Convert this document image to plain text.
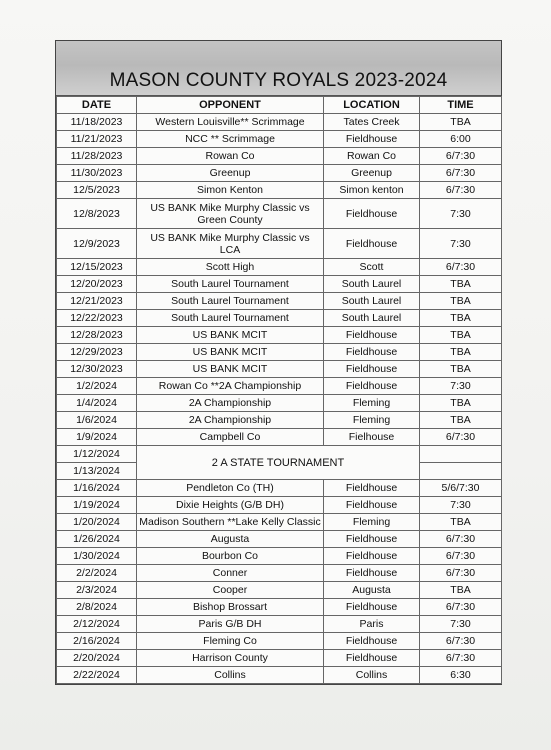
MASON COUNTY ROYALS 2023-2024
DATE	OPPONENT	LOCATION	TIME
11/18/2023	Western Louisville** Scrimmage	Tates Creek	TBA
11/21/2023	NCC ** Scrimmage	Fieldhouse	6:00
11/28/2023	Rowan Co	Rowan Co	6/7:30
11/30/2023	Greenup	Greenup	6/7:30
12/5/2023	Simon Kenton	Simon kenton	6/7:30
12/8/2023	US BANK Mike Murphy Classic vs Green County	Fieldhouse	7:30
12/9/2023	US BANK Mike Murphy Classic vs LCA	Fieldhouse	7:30
12/15/2023	Scott High	Scott	6/7:30
12/20/2023	South Laurel Tournament	South Laurel	TBA
12/21/2023	South Laurel Tournament	South Laurel	TBA
12/22/2023	South Laurel Tournament	South Laurel	TBA
12/28/2023	US BANK MCIT	Fieldhouse	TBA
12/29/2023	US BANK MCIT	Fieldhouse	TBA
12/30/2023	US BANK MCIT	Fieldhouse	TBA
1/2/2024	Rowan Co **2A Championship	Fieldhouse	7:30
1/4/2024	2A Championship	Fleming	TBA
1/6/2024	2A Championship	Fleming	TBA
1/9/2024	Campbell Co	Fielhouse	6/7:30
1/12/2024	2 A STATE TOURNAMENT		
1/13/2024			
1/16/2024	Pendleton Co (TH)	Fieldhouse	5/6/7:30
1/19/2024	Dixie Heights (G/B DH)	Fieldhouse	7:30
1/20/2024	Madison Southern **Lake Kelly Classic	Fleming	TBA
1/26/2024	Augusta	Fieldhouse	6/7:30
1/30/2024	Bourbon Co	Fieldhouse	6/7:30
2/2/2024	Conner	Fieldhouse	6/7:30
2/3/2024	Cooper	Augusta	TBA
2/8/2024	Bishop Brossart	Fieldhouse	6/7:30
2/12/2024	Paris G/B DH	Paris	7:30
2/16/2024	Fleming Co	Fieldhouse	6/7:30
2/20/2024	Harrison County	Fieldhouse	6/7:30
2/22/2024	Collins	Collins	6:30
